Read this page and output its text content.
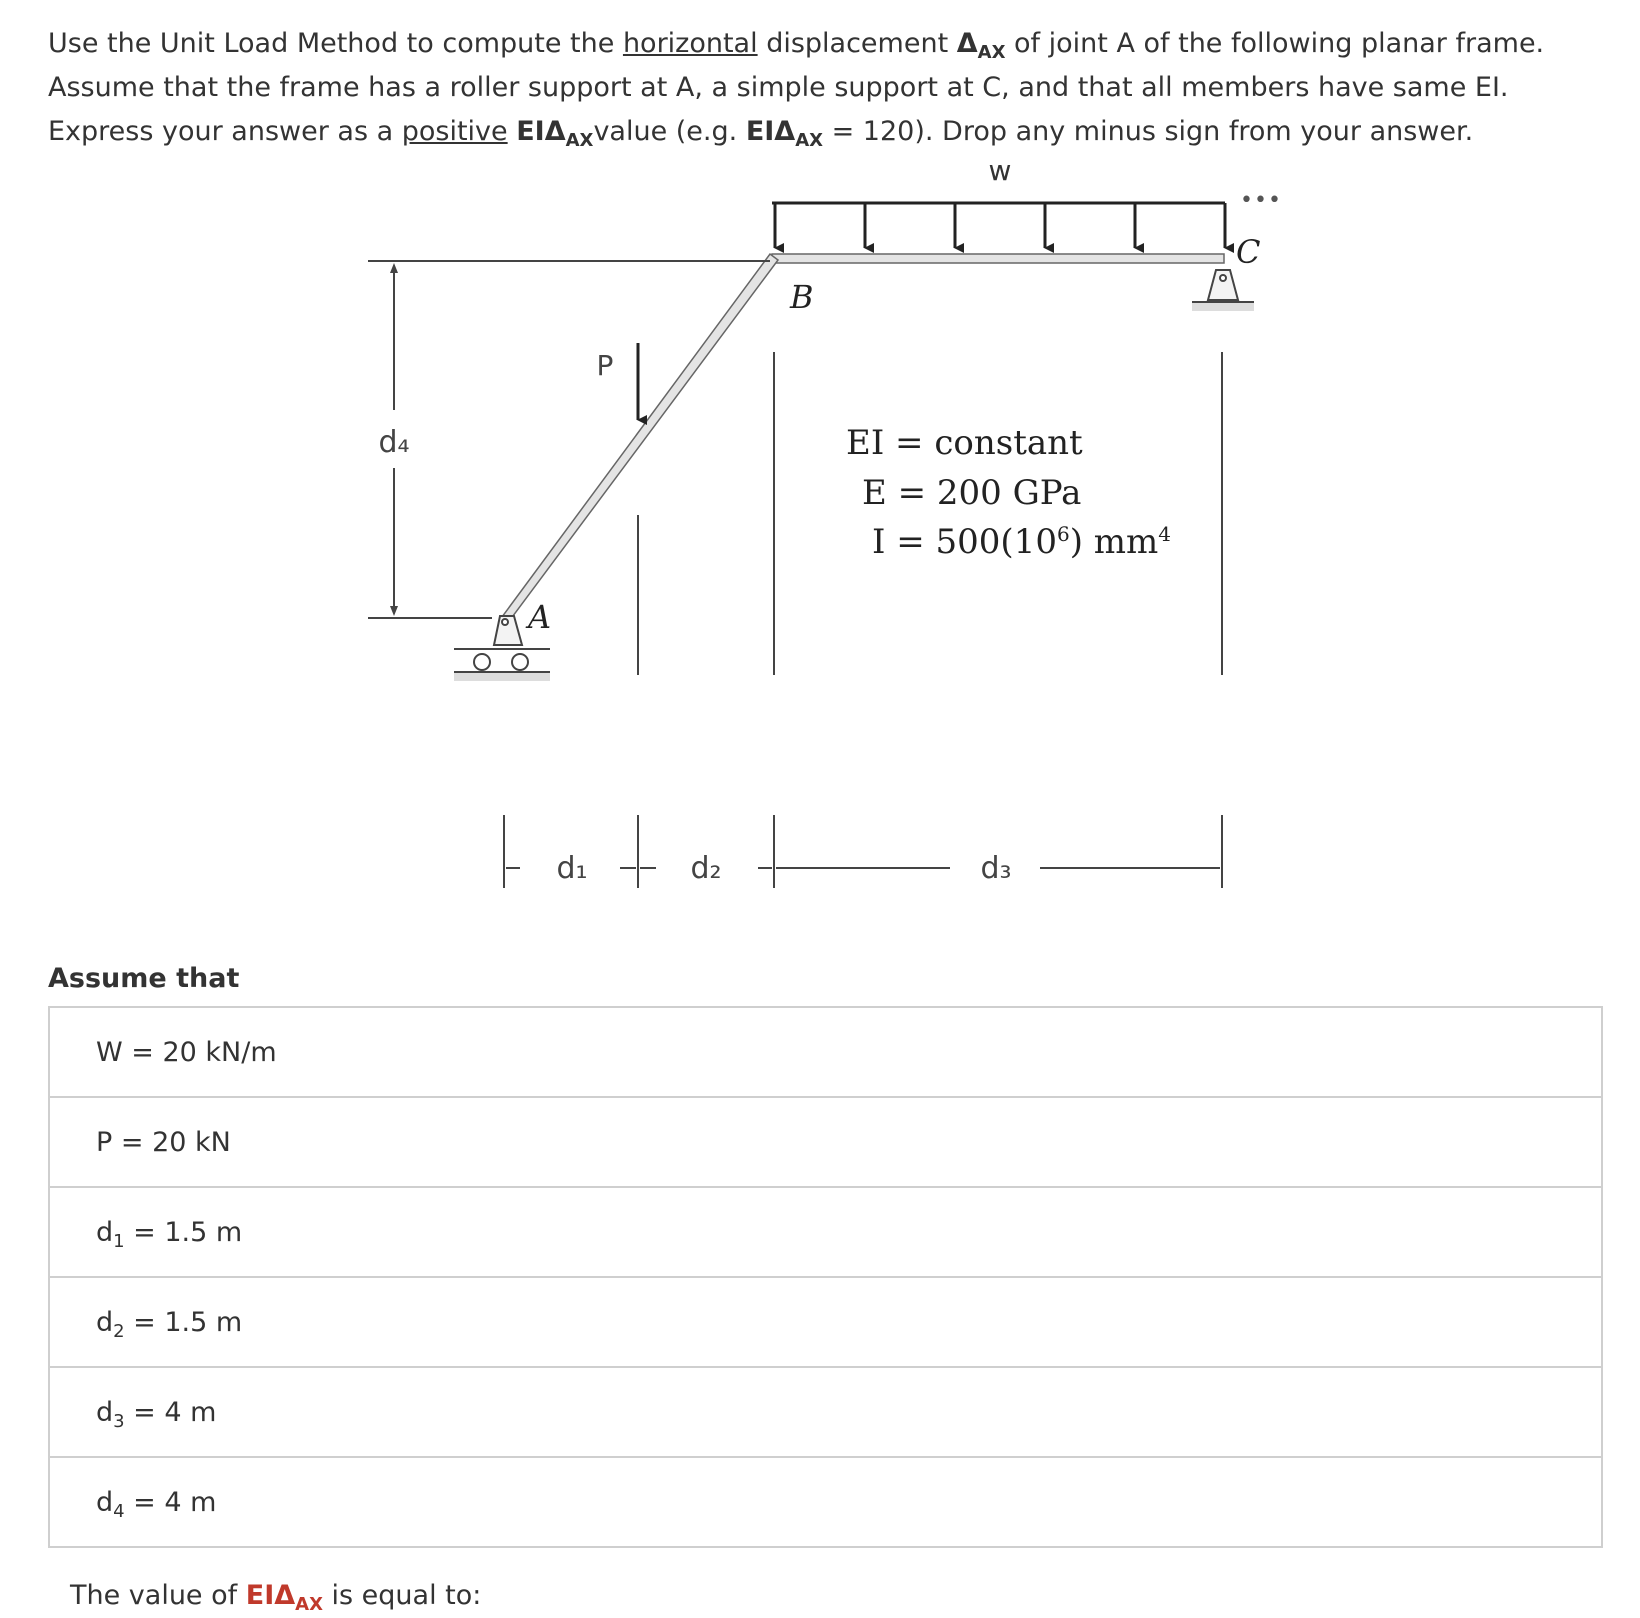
Use the Unit Load Method to compute the horizontal displacement $\Delta_{AX}$ of joint A of the following planar frame. Assume that the frame has a roller support at A, a simple support at C, and that all members have same EI. Express your answer as a positive $EI\Delta_{AX}value$ (e.g. $EI\Delta_{AX} = 120$). Drop any minus sign from your answer.
•••
w
d₄
P
B
C
A
EI = constant
E = 200 GPa
$I = 500(10^6)$ $mm^4$
d₁	d₂	d₃
Assume that
W = 20 kN/m
P = 20 kN
$d_1 = 1.5$ m
$d_2 = 1.5$ m
$d_3 = 4$ m
$d_4 = 4$ m
The value of $EI\Delta_{AX}$ is equal to:
